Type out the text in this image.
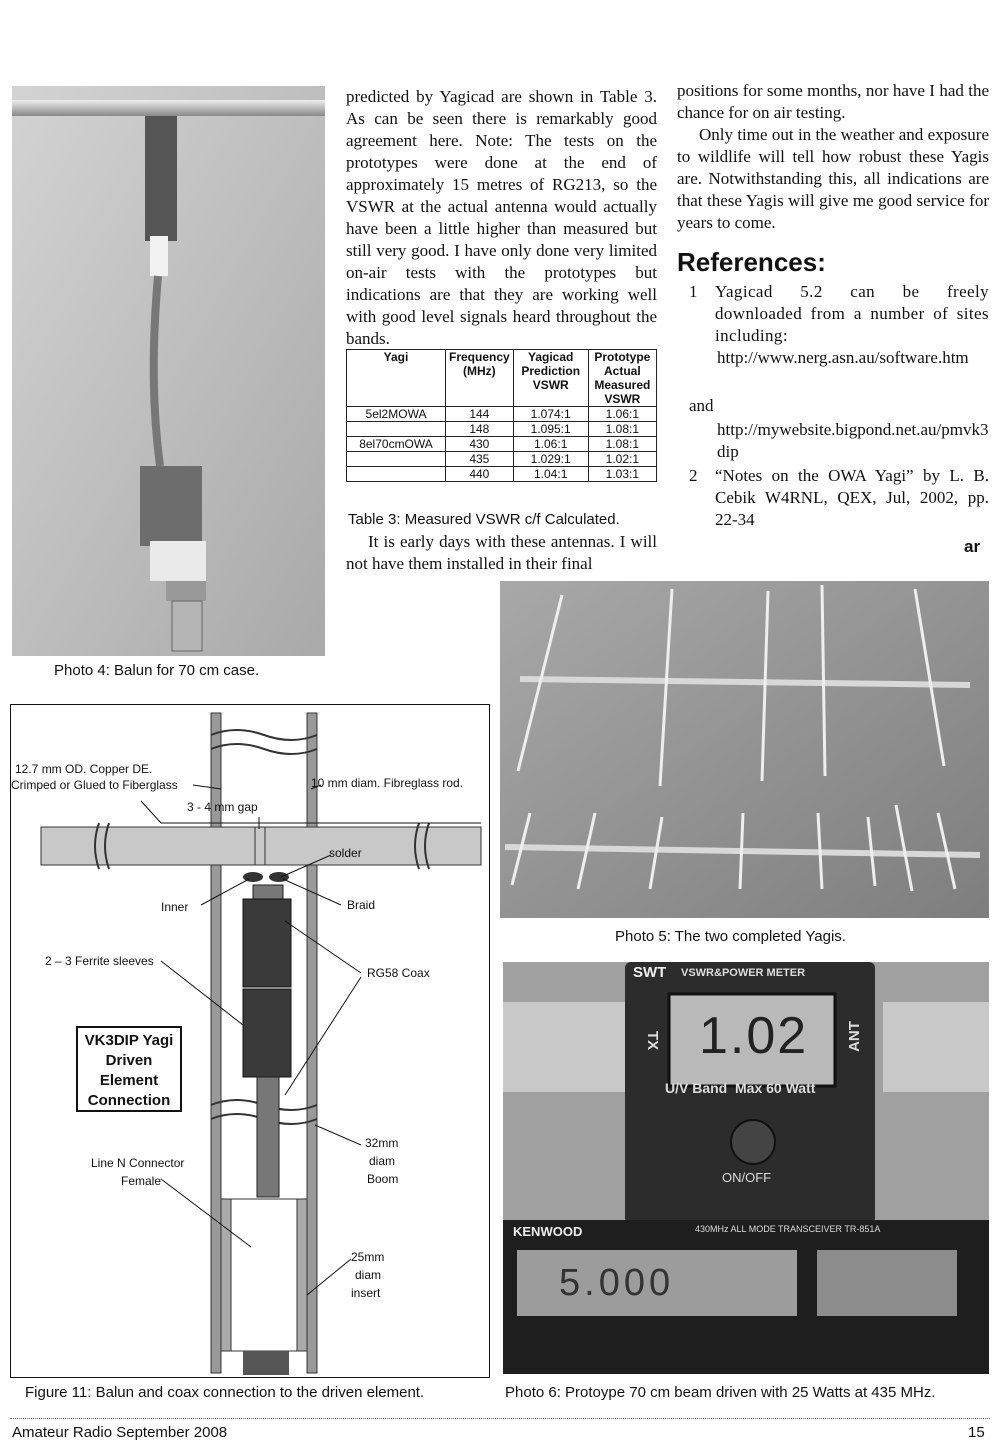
Photo 4: Balun for 70 cm case.
predicted by Yagicad are shown in Table 3. As can be seen there is remarkably good agreement here. Note: The tests on the prototypes were done at the end of approximately 15 metres of RG213, so the VSWR at the actual antenna would actually have been a little higher than measured but still very good. I have only done very limited on-air tests with the prototypes but indications are that they are working well with good level signals heard throughout the bands.
Yagi	Frequency (MHz)	Yagicad Prediction VSWR	Prototype Actual Measured VSWR
5el2MOWA	144	1.074:1	1.06:1
	148	1.095:1	1.08:1
8el70cmOWA	430	1.06:1	1.08:1
	435	1.029:1	1.02:1
	440	1.04:1	1.03:1
Table 3: Measured VSWR c/f Calculated.
It is early days with these antennas. I will not have them installed in their final
positions for some months, nor have I had the chance for on air testing.
Only time out in the weather and exposure to wildlife will tell how robust these Yagis are. Notwithstanding this, all indications are that these Yagis will give me good service for years to come.
References:
1 Yagicad 5.2 can be freely downloaded from a number of sites including:
http://www.nerg.asn.au/software.htm
and
http://mywebsite.bigpond.net.au/pmvk3dip
2 “Notes on the OWA Yagi” by L. B. Cebik W4RNL, QEX, Jul, 2002, pp. 22-34
ar
Photo 5: The two completed Yagis.
SWT VSWR&POWER METER
TX	ANT
1.02
U/V Band  Max 60 Watt
ON/OFF
KENWOOD	430MHz ALL MODE TRANSCEIVER TR-851A
5.000
Photo 6: Protoype 70 cm beam driven with 25 Watts at 435 MHz.
12.7 mm OD. Copper DE.
Crimped or Glued to Fiberglass	10 mm diam. Fibreglass rod.
3 - 4 mm gap
solder
Inner	Braid
2 – 3 Ferrite sleeves
RG58 Coax
VK3DIP Yagi
Driven
Element
Connection
32mm
diam
Boom
Line N Connector
Female
25mm
diam
insert
Figure 11: Balun and coax connection to the driven element.
Amateur Radio September 2008	15
